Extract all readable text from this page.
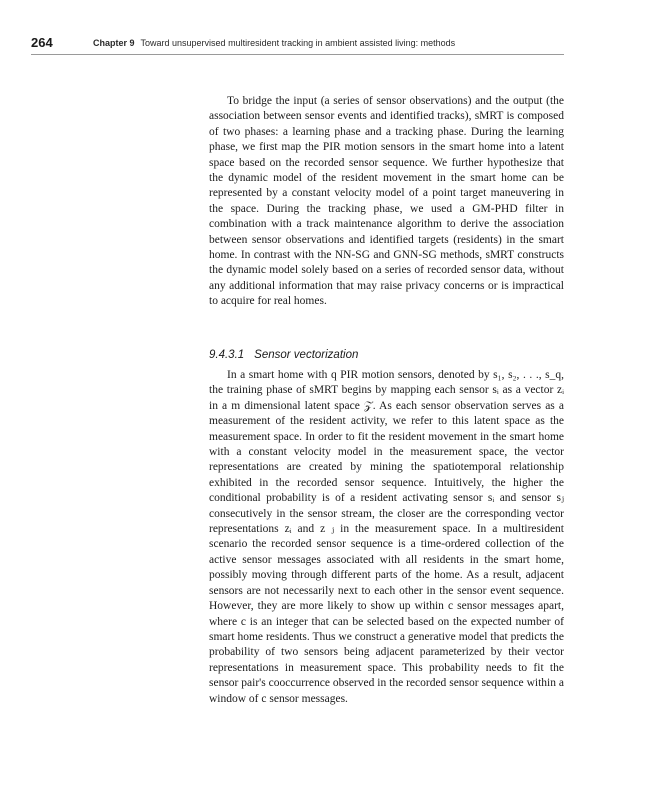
264	Chapter 9 Toward unsupervised multiresident tracking in ambient assisted living: methods

To bridge the input (a series of sensor observations) and the output (the association between sensor events and identified tracks), sMRT is composed of two phases: a learning phase and a tracking phase. During the learning phase, we first map the PIR motion sensors in the smart home into a latent space based on the recorded sensor sequence. We further hypothesize that the dynamic model of the resident movement in the smart home can be represented by a constant velocity model of a point target maneuvering in the space. During the tracking phase, we used a GM-PHD filter in combination with a track maintenance algorithm to derive the association between sensor observations and identified targets (residents) in the smart home. In contrast with the NN-SG and GNN-SG methods, sMRT constructs the dynamic model solely based on a series of recorded sensor data, without any additional information that may raise privacy concerns or is impractical to acquire for real homes.

9.4.3.1 Sensor vectorization

In a smart home with q PIR motion sensors, denoted by s₁, s₂, . . ., s_q, the training phase of sMRT begins by mapping each sensor sᵢ as a vector zᵢ in a m dimensional latent space 𝒵. As each sensor observation serves as a measurement of the resident activity, we refer to this latent space as the measurement space. In order to fit the resident movement in the smart home with a constant velocity model in the measurement space, the vector representations are created by mining the spatiotemporal relationship exhibited in the recorded sensor sequence. Intuitively, the higher the conditional probability is of a resident activating sensor sᵢ and sensor sⱼ consecutively in the sensor stream, the closer are the corresponding vector representations zᵢ and z ⱼ in the measurement space. In a multiresident scenario the recorded sensor sequence is a time-ordered collection of the active sensor messages associated with all residents in the smart home, possibly moving through different parts of the home. As a result, adjacent sensors are not necessarily next to each other in the sensor event sequence. However, they are more likely to show up within c sensor messages apart, where c is an integer that can be selected based on the expected number of smart home residents. Thus we construct a generative model that predicts the probability of two sensors being adjacent parameterized by their vector representations in measurement space. This probability needs to fit the sensor pair's cooccurrence observed in the recorded sensor sequence within a window of c sensor messages.
